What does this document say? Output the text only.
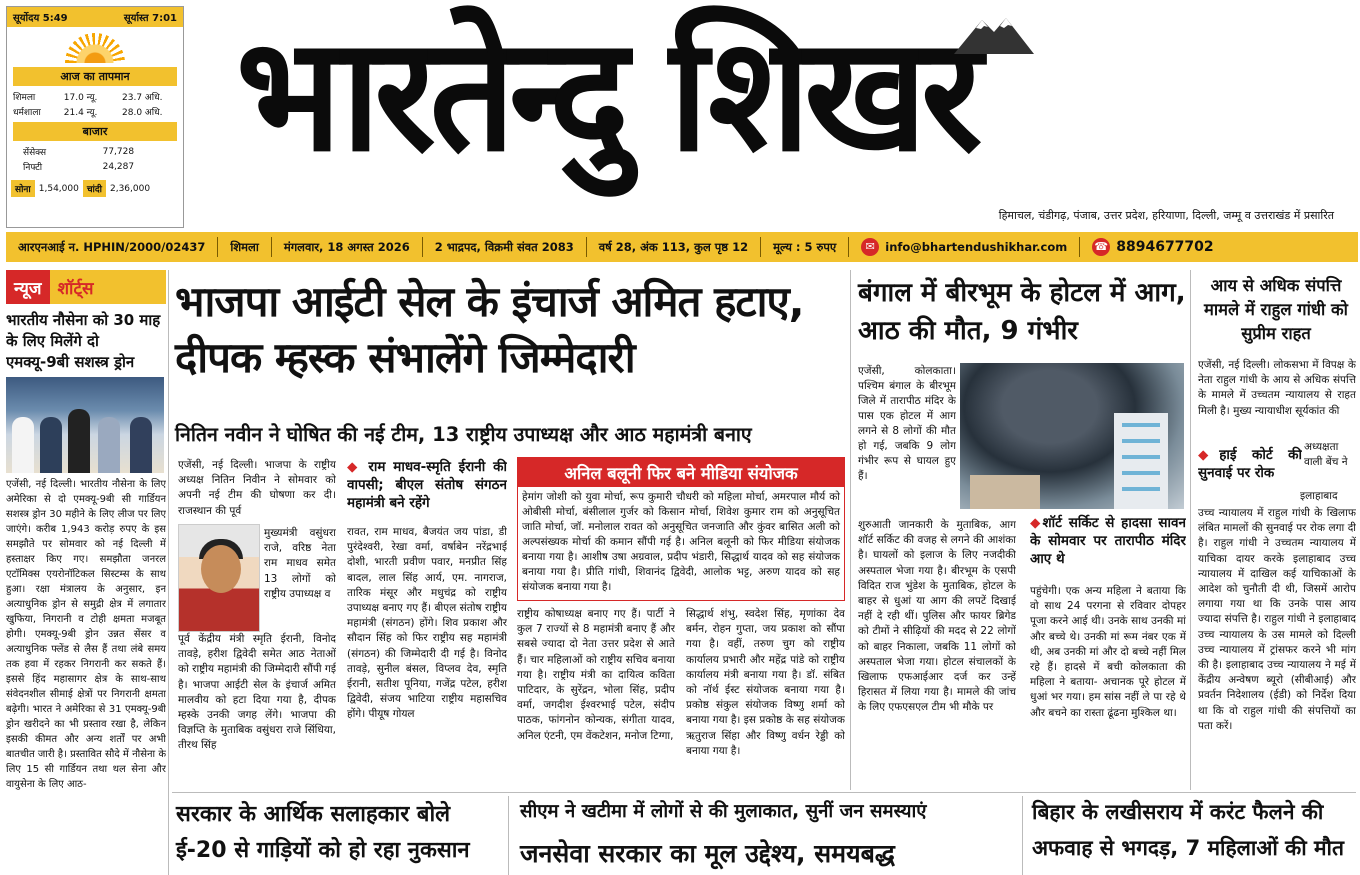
सूर्योदय 5:49	सूर्यास्त 7:01
आज का तापमान
शिमला	17.0 न्यू.	23.7 अधि.
धर्मशाला	21.4 न्यू.	28.0 अधि.
बाजार
सेंसेक्स	77,728
निफ्टी	24,287
सोना 1,54,000 चांदी 2,36,000
भारतेन्दु शिखर
हिमाचल, चंडीगढ़, पंजाब, उत्तर प्रदेश, हरियाणा, दिल्ली, जम्मू व उत्तराखंड में प्रसारित
आरएनआई न. HPHIN/2000/02437	शिमला	मंगलवार, 18 अगस्त 2026	2 भाद्रपद, विक्रमी संवत 2083	वर्ष 28, अंक 113, कुल पृष्ठ 12	मूल्य : 5 रुपए	✉ info@bhartendushikhar.com ☎ 8894677702
न्यूज शॉर्ट्स
भारतीय नौसेना को 30 माह के लिए मिलेंगे दो एमक्यू-9बी सशस्त्र ड्रोन

एजेंसी, नई दिल्ली। भारतीय नौसेना के लिए अमेरिका से दो एमक्यू-9बी सी गार्डियन सशस्त्र ड्रोन 30 महीने के लिए लीज पर लिए जाएंगे। करीब 1,943 करोड़ रुपए के इस समझौते पर सोमवार को नई दिल्ली में हस्ताक्षर किए गए। समझौता जनरल एटॉमिक्स एयरोनॉटिकल सिस्टम्स के साथ हुआ। रक्षा मंत्रालय के अनुसार, इन अत्याधुनिक ड्रोन से समुद्री क्षेत्र में लगातार खुफिया, निगरानी व टोही क्षमता मजबूत होगी। एमक्यू-9बी ड्रोन उन्नत सेंसर व अत्याधुनिक फ्लेंड से लैस हैं तथा लंबे समय तक हवा में रहकर निगरानी कर सकते हैं। इससे हिंद महासागर क्षेत्र के साथ-साथ संवेदनशील सीमाई क्षेत्रों पर निगरानी क्षमता बढ़ेगी। भारत ने अमेरिका से 31 एमक्यू-9बी ड्रोन खरीदने का भी प्रस्ताव रखा है, लेकिन इसकी कीमत और अन्य शर्तों पर अभी बातचीत जारी है। प्रस्तावित सौदे में नौसेना के लिए 15 सी गार्डियन तथा थल सेना और वायुसेना के लिए आठ-

भाजपा आईटी सेल के इंचार्ज अमित हटाए, दीपक म्हस्क संभालेंगे जिम्मेदारी
नितिन नवीन ने घोषित की नई टीम, 13 राष्ट्रीय उपाध्यक्ष और आठ महामंत्री बनाए
एजेंसी, नई दिल्ली। भाजपा के राष्ट्रीय अध्यक्ष नितिन निवीन ने सोमवार को अपनी नई टीम की घोषणा कर दी। राजस्थान की पूर्व
मुख्यमंत्री वसुंधरा राजे, वरिष्ठ नेता राम माधव समेत 13 लोगों को राष्ट्रीय उपाध्यक्ष व
पूर्व केंद्रीय मंत्री स्मृति ईरानी, विनोद तावड़े, हरीश द्विवेदी समेत आठ नेताओं को राष्ट्रीय महामंत्री की जिम्मेदारी सौंपी गई है। भाजपा आईटी सेल के इंचार्ज अमित मालवीय को हटा दिया गया है, दीपक म्हस्के उनकी जगह लेंगे। भाजपा की विज्ञप्ति के मुताबिक वसुंधरा राजे सिंधिया, तीरथ सिंह
◆ राम माधव-स्मृति ईरानी की वापसी; बीएल संतोष संगठन महामंत्री बने रहेंगे
रावत, राम माधव, बैजयंत जय पांडा, डी पुरंदेश्वरी, रेखा वर्मा, वर्षाबेन नरेंद्रभाई दोशी, भारती प्रवीण पवार, मनप्रीत सिंह बादल, लाल सिंह आर्य, एम. नागराज, तारिक मंसूर और मधुचंद्र को राष्ट्रीय उपाध्यक्ष बनाए गए हैं। बीएल संतोष राष्ट्रीय महामंत्री (संगठन) होंगे। शिव प्रकाश और सौदान सिंह को फिर राष्ट्रीय सह महामंत्री (संगठन) की जिम्मेदारी दी गई है। विनोद तावड़े, सुनील बंसल, विप्लव देव, स्मृति ईरानी, सतीश पूनिया, गजेंद्र पटेल, हरीश द्विवेदी, संजय भाटिया राष्ट्रीय महासचिव होंगे। पीयूष गोयल
अनिल बलूनी फिर बने मीडिया संयोजक
हेमांग जोशी को युवा मोर्चा, रूप कुमारी चौधरी को महिला मोर्चा, अमरपाल मौर्य को ओबीसी मोर्चा, बंसीलाल गुर्जर को किसान मोर्चा, शिवेश कुमार राम को अनुसूचित जाति मोर्चा, जॉ. मनोलाल रावत को अनुसूचित जनजाति और कुंवर बासित अली को अल्पसंख्यक मोर्चा की कमान सौंपी गई है। अनिल बलूनी को फिर मीडिया संयोजक बनाया गया है। आशीष उषा अग्रवाल, प्रदीप भंडारी, सिद्धार्थ यादव को सह संयोजक बनाया गया है। प्रीति गांधी, शिवानंद द्विवेदी, आलोक भट्ट, अरुण यादव को सह संयोजक बनाया गया है।
राष्ट्रीय कोषाध्यक्ष बनाए गए हैं। पार्टी ने कुल 7 राज्यों से 8 महामंत्री बनाए हैं और सबसे ज्यादा दो नेता उत्तर प्रदेश से आते हैं। चार महिलाओं को राष्ट्रीय सचिव बनाया गया है। राष्ट्रीय मंत्री का दायित्व कविता पाटिदार, के सुरेंद्रन, भोला सिंह, प्रदीप वर्मा, जगदीश ईश्वरभाई पटेल, संदीप पाठक, फांगनोन कोन्यक, संगीता यादव, अनिल एंटनी, एम वेंकटेशन, मनोज टिग्गा,
सिद्धार्थ शंभु, स्वदेश सिंह, मृणांका देव बर्मन, रोहन गुप्ता, जय प्रकाश को सौंपा गया है। वहीं, तरुण चुग को राष्ट्रीय कार्यालय प्रभारी और महेंद्र पांडे को राष्ट्रीय कार्यालय मंत्री बनाया गया है। डॉ. संबित को नॉर्थ ईस्ट संयोजक बनाया गया है। प्रकोष्ठ संकुल संयोजक विष्णु शर्मा को बनाया गया है। इस प्रकोष्ठ के सह संयोजक ऋतुराज सिंहा और विष्णु वर्धन रेड्डी को बनाया गया है।
बंगाल में बीरभूम के होटल में आग, आठ की मौत, 9 गंभीर
एजेंसी, कोलकाता। पश्चिम बंगाल के बीरभूम जिले में तारापीठ मंदिर के पास एक होटल में आग लगने से 8 लोगों की मौत हो गई, जबकि 9 लोग गंभीर रूप से घायल हुए हैं।
शुरुआती जानकारी के मुताबिक, आग शॉर्ट सर्किट की वजह से लगने की आशंका है। घायलों को इलाज के लिए नजदीकी अस्पताल भेजा गया है। बीरभूम के एसपी विदित राज भुंडेश के मुताबिक, होटल के बाहर से धुआं या आग की लपटें दिखाई नहीं दे रही थीं। पुलिस और फायर ब्रिगेड को टीमों ने सीढ़ियों की मदद से 22 लोगों को बाहर निकाला, जबकि 11 लोगों को अस्पताल भेजा गया। होटल संचालकों के खिलाफ एफआईआर दर्ज कर उन्हें हिरासत में लिया गया है। मामले की जांच के लिए एफएसएल टीम भी मौके पर
◆शॉर्ट सर्किट से हादसा सावन के सोमवार पर तारापीठ मंदिर आए थे
पहुंचेगी। एक अन्य महिला ने बताया कि वो साथ 24 परगना से रविवार दोपहर पूजा करने आई थी। उनके साथ उनकी मां और बच्चे थे। उनकी मां रूम नंबर एक में थी, अब उनकी मां और दो बच्चे नहीं मिल रहे हैं। हादसे में बची कोलकाता की महिला ने बताया- अचानक पूरे होटल में धुआं भर गया। हम सांस नहीं ले पा रहे थे और बचने का रास्ता ढूंढना मुश्किल था।
आय से अधिक संपत्ति मामले में राहुल गांधी को सुप्रीम राहत
एजेंसी, नई दिल्ली। लोकसभा में विपक्ष के नेता राहुल गांधी के आय से अधिक संपत्ति के मामले में उच्चतम न्यायालय से राहत मिली है। मुख्य न्यायाधीश सूर्यकांत की
◆हाई कोर्ट की सुनवाई पर रोक
अध्यक्षता वाली बेंच ने
इलाहाबाद
उच्च न्यायालय में राहुल गांधी के खिलाफ लंबित मामलों की सुनवाई पर रोक लगा दी है। राहुल गांधी ने उच्चतम न्यायालय में याचिका दायर करके इलाहाबाद उच्च न्यायालय में दाखिल कई याचिकाओं के आदेश को चुनौती दी थी, जिसमें आरोप लगाया गया था कि उनके पास आय ज्यादा संपत्ति है। राहुल गांधी ने इलाहाबाद उच्च न्यायालय के उस मामले को दिल्ली उच्च न्यायालय में ट्रांसफर करने भी मांग की है। इलाहाबाद उच्च न्यायालय ने मई में केंद्रीय अन्वेषण ब्यूरो (सीबीआई) और प्रवर्तन निदेशालय (ईडी) को निर्देश दिया था कि वो राहुल गांधी की संपत्तियों का पता करें।
सरकार के आर्थिक सलाहकार बोले
ई-20 से गाड़ियों को हो रहा नुकसान
सीएम ने खटीमा में लोगों से की मुलाकात, सुनीं जन समस्याएं
जनसेवा सरकार का मूल उद्देश्य, समयबद्ध
बिहार के लखीसराय में करंट फैलने की
अफवाह से भगदड़, 7 महिलाओं की मौत
